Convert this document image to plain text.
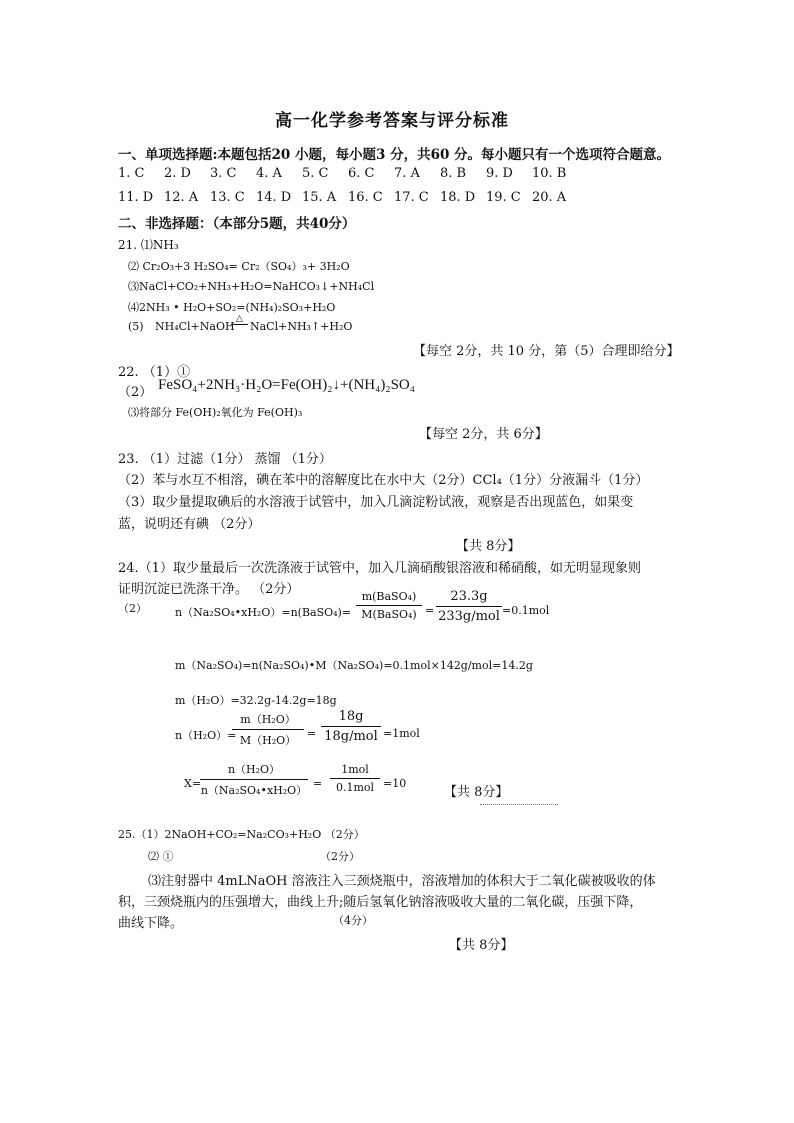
高一化学参考答案与评分标准
一、单项选择题:本题包括20 小题，每小题3 分，共60 分。每小题只有一个选项符合题意。
1. C 2. D 3. C 4. A 5. C 6. C 7. A 8. B 9. D 10. B
11. D 12. A 13. C 14. D 15. A 16. C 17. C 18. D 19. C 20. A
二、非选择题：（本部分5题，共40分）
21. ⑴NH₃
⑵ Cr₂O₃+3 H₂SO₄= Cr₂（SO₄）₃+ 3H₂O
⑶NaCl+CO₂+NH₃+H₂O=NaHCO₃↓+NH₄Cl
⑷2NH₃ • H₂O+SO₂=(NH₄)₂SO₃+H₂O
(5) NH₄Cl+NaOH
△
NaCl+NH₃↑+H₂O
【每空 2分，共 10 分，第（5）合理即给分】
22. （1）①
（2） FeSO₄+2NH₃·H₂O=Fe(OH)₂↓+(NH₄)₂SO₄
⑶将部分 Fe(OH)₂氧化为 Fe(OH)₃
【每空 2分，共 6分】
23. （1）过滤（1分） 蒸馏 （1分）
（2）苯与水互不相溶，碘在苯中的溶解度比在水中大（2分）CCl₄（1分）分液漏斗（1分）
（3）取少量提取碘后的水溶液于试管中，加入几滴淀粉试液，观察是否出现蓝色，如果变
蓝，说明还有碘 （2分）
【共 8分】
24.（1）取少量最后一次洗涤液于试管中，加入几滴硝酸银溶液和稀硝酸，如无明显现象则
证明沉淀已洗涤干净。 （2分）
（2）	n（Na₂SO₄•xH₂O）=n(BaSO₄)=
m(BaSO₄)
M(BaSO₄) =
23.3g
233g/mol =0.1mol
m（Na₂SO₄)=n(Na₂SO₄)•M（Na₂SO₄)=0.1mol×142g/mol=14.2g
m（H₂O）=32.2g-14.2g=18g
n（H₂O）=
$\frac{\text{m（H₂O）}}{\text{M（H₂O）}}$ =
18g
18g/mol =1mol
X=
$\frac{\text{n（H₂O）}}{\text{n（Na₂SO₄•xH₂O）}}$ =
1mol
0.1mol =10
【共 8分】
25.（1）2NaOH+CO₂=Na₂CO₃+H₂O （2分）
⑵ ①	（2分）
⑶注射器中 4mLNaOH 溶液注入三颈烧瓶中，溶液增加的体积大于二氧化碳被吸收的体
积，三颈烧瓶内的压强增大，曲线上升;随后氢氧化钠溶液吸收大量的二氧化碳，压强下降，
曲线下降。	（4分）
【共 8分】
